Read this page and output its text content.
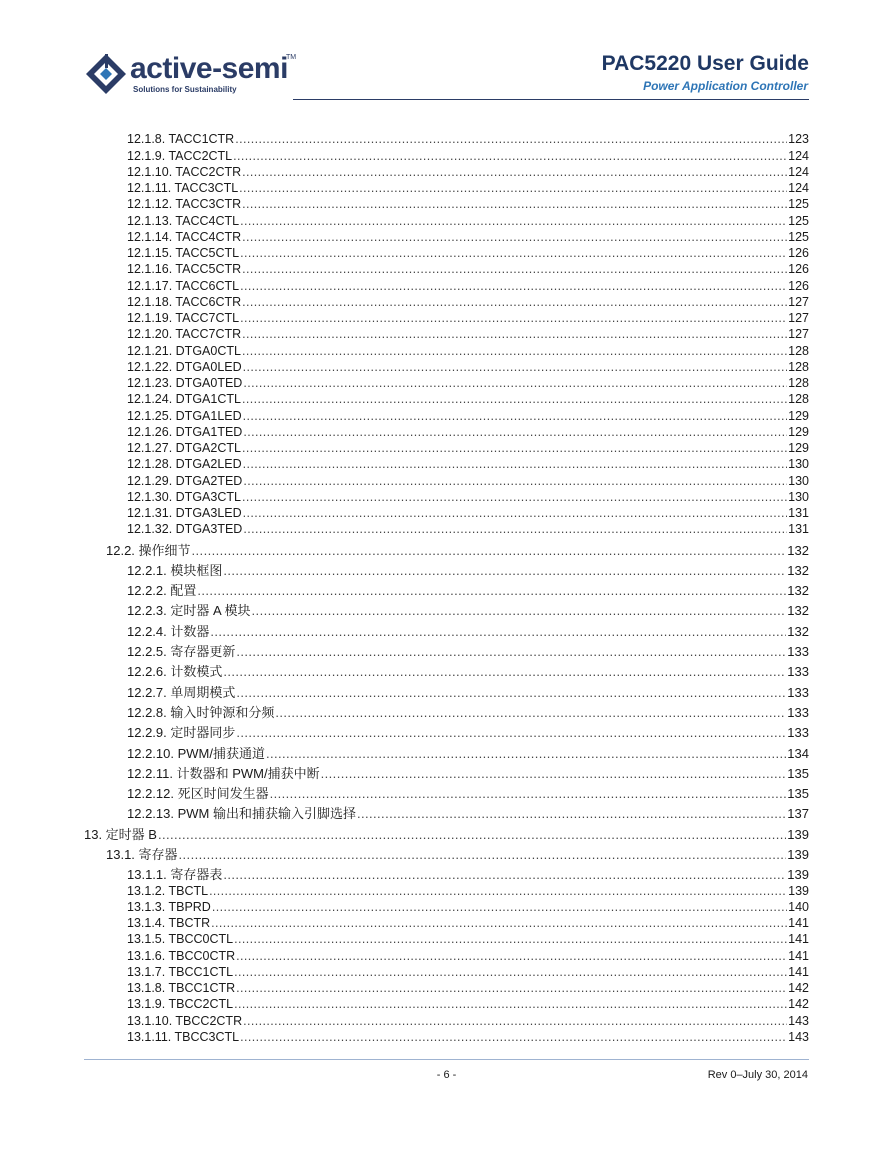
active-semi
TM
Solutions for Sustainability
PAC5220 User Guide
Power Application Controller
12.1.8. TACC1CTR .....	123
12.1.9. TACC2CTL .....	124
12.1.10. TACC2CTR .....	124
12.1.11. TACC3CTL .....	124
12.1.12. TACC3CTR .....	125
12.1.13. TACC4CTL .....	125
12.1.14. TACC4CTR .....	125
12.1.15. TACC5CTL .....	126
12.1.16. TACC5CTR .....	126
12.1.17. TACC6CTL .....	126
12.1.18. TACC6CTR .....	127
12.1.19. TACC7CTL .....	127
12.1.20. TACC7CTR .....	127
12.1.21. DTGA0CTL .....	128
12.1.22. DTGA0LED .....	128
12.1.23. DTGA0TED .....	128
12.1.24. DTGA1CTL .....	128
12.1.25. DTGA1LED .....	129
12.1.26. DTGA1TED .....	129
12.1.27. DTGA2CTL .....	129
12.1.28. DTGA2LED .....	130
12.1.29. DTGA2TED .....	130
12.1.30. DTGA3CTL .....	130
12.1.31. DTGA3LED .....	131
12.1.32. DTGA3TED .....	131
12.2. 操作细节 .....	132
12.2.1. 模块框图 .....	132
12.2.2. 配置 .....	132
12.2.3. 定时器 A 模块 .....	132
12.2.4. 计数器 .....	132
12.2.5. 寄存器更新 .....	133
12.2.6. 计数模式 .....	133
12.2.7. 单周期模式 .....	133
12.2.8. 输入时钟源和分频 .....	133
12.2.9. 定时器同步 .....	133
12.2.10. PWM/捕获通道 .....	134
12.2.11. 计数器和 PWM/捕获中断 .....	135
12.2.12. 死区时间发生器 .....	135
12.2.13. PWM 输出和捕获输入引脚选择 .....	137
13. 定时器 B .....	139
13.1. 寄存器 .....	139
13.1.1. 寄存器表 .....	139
13.1.2. TBCTL .....	139
13.1.3. TBPRD .....	140
13.1.4. TBCTR .....	141
13.1.5. TBCC0CTL .....	141
13.1.6. TBCC0CTR .....	141
13.1.7. TBCC1CTL .....	141
13.1.8. TBCC1CTR .....	142
13.1.9. TBCC2CTL .....	142
13.1.10. TBCC2CTR .....	143
13.1.11. TBCC3CTL .....	143
- 6 -	Rev 0–July 30, 2014
